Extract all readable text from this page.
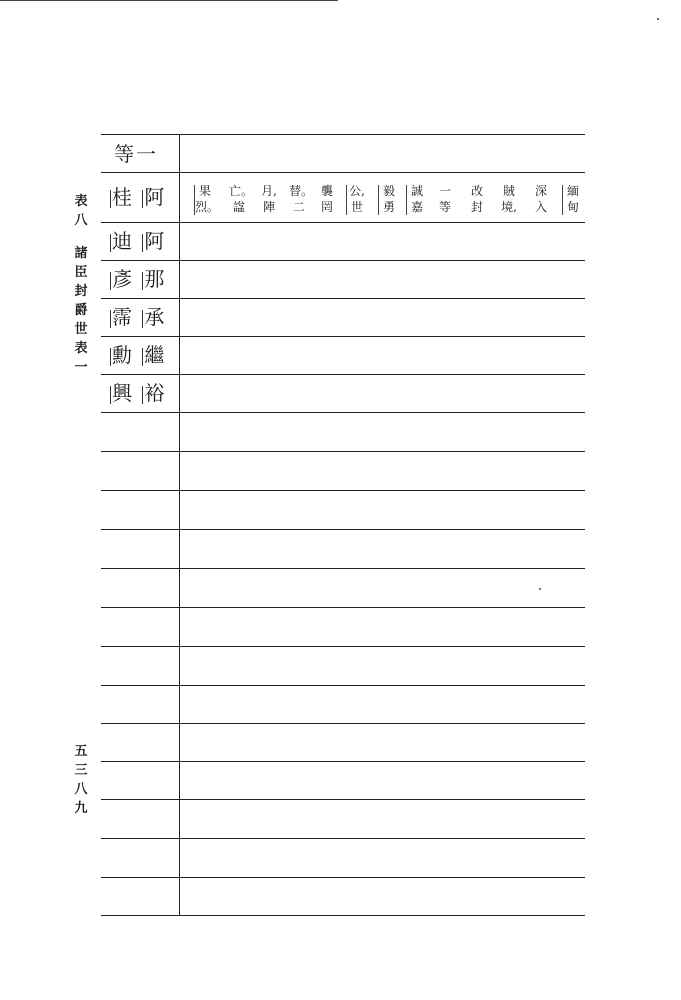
表
八
諸
臣
封
爵
世
表
一
五
三
八
九
等一
桂 阿
迪 阿
彥 那
霈 承
勳 繼
興 裕
緬
甸
深
入
賊
境,
改
封
一
等
誠
嘉
毅
勇
公,
世
襲
罔
替。
二
月,
陣
亡。
諡
果
烈。
